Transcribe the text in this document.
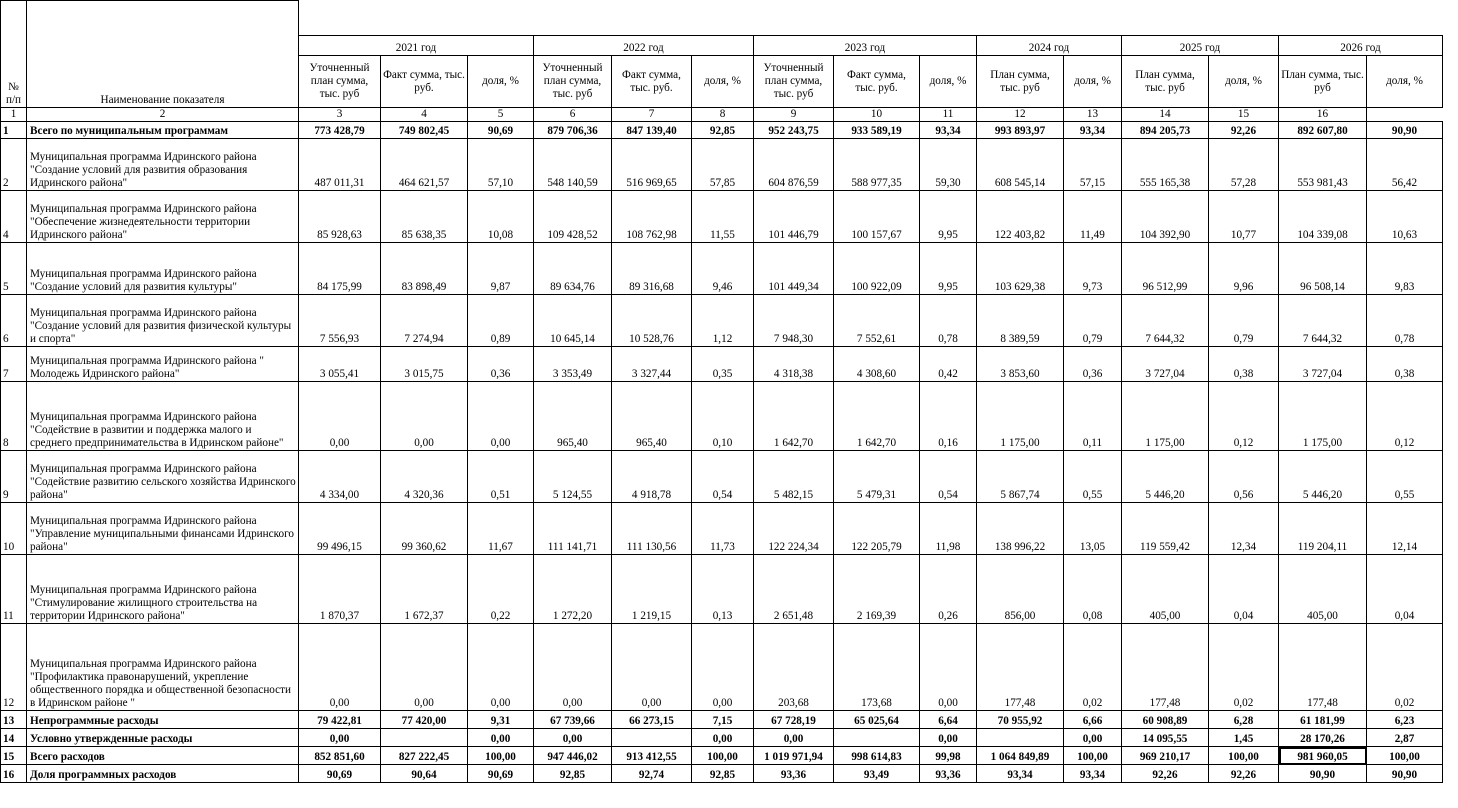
№ п/п	Наименование показателя															
		2021 год			2022 год			2023 год			2024 год		2025 год		2026 год	
		Уточненный план сумма, тыс. руб	Факт сумма, тыс. руб.	доля, %	Уточненный план сумма, тыс. руб	Факт сумма, тыс. руб.	доля, %	Уточненный план сумма, тыс. руб	Факт сумма, тыс. руб.	доля, %	План сумма, тыс. руб	доля, %	План сумма, тыс. руб	доля, %	План сумма, тыс. руб	доля, %
1	2	3	4	5	6	7	8	9	10	11	12	13	14	15	16	
1	Всего по муниципальным программам	773 428,79	749 802,45	90,69	879 706,36	847 139,40	92,85	952 243,75	933 589,19	93,34	993 893,97	93,34	894 205,73	92,26	892 607,80	90,90
2	Муниципальная программа Идринского района "Создание условий для развития образования Идринского района"	487 011,31	464 621,57	57,10	548 140,59	516 969,65	57,85	604 876,59	588 977,35	59,30	608 545,14	57,15	555 165,38	57,28	553 981,43	56,42
4	Муниципальная программа Идринского района "Обеспечение жизнедеятельности территории Идринского района"	85 928,63	85 638,35	10,08	109 428,52	108 762,98	11,55	101 446,79	100 157,67	9,95	122 403,82	11,49	104 392,90	10,77	104 339,08	10,63
5	Муниципальная программа Идринского района "Создание условий для развития культуры"	84 175,99	83 898,49	9,87	89 634,76	89 316,68	9,46	101 449,34	100 922,09	9,95	103 629,38	9,73	96 512,99	9,96	96 508,14	9,83
6	Муниципальная программа Идринского района "Создание условий для развития физической культуры и спорта"	7 556,93	7 274,94	0,89	10 645,14	10 528,76	1,12	7 948,30	7 552,61	0,78	8 389,59	0,79	7 644,32	0,79	7 644,32	0,78
7	Муниципальная программа Идринского района " Молодежь Идринского района"	3 055,41	3 015,75	0,36	3 353,49	3 327,44	0,35	4 318,38	4 308,60	0,42	3 853,60	0,36	3 727,04	0,38	3 727,04	0,38
8	Муниципальная программа Идринского района "Содействие в развитии и поддержка малого и среднего предпринимательства в Идринском районе"	0,00	0,00	0,00	965,40	965,40	0,10	1 642,70	1 642,70	0,16	1 175,00	0,11	1 175,00	0,12	1 175,00	0,12
9	Муниципальная программа Идринского района "Содействие развитию сельского хозяйства Идринского района"	4 334,00	4 320,36	0,51	5 124,55	4 918,78	0,54	5 482,15	5 479,31	0,54	5 867,74	0,55	5 446,20	0,56	5 446,20	0,55
10	Муниципальная программа Идринского района "Управление муниципальными финансами Идринского района"	99 496,15	99 360,62	11,67	111 141,71	111 130,56	11,73	122 224,34	122 205,79	11,98	138 996,22	13,05	119 559,42	12,34	119 204,11	12,14
11	Муниципальная программа Идринского района "Стимулирование жилищного строительства на территории Идринского района"	1 870,37	1 672,37	0,22	1 272,20	1 219,15	0,13	2 651,48	2 169,39	0,26	856,00	0,08	405,00	0,04	405,00	0,04
12	Муниципальная программа Идринского района "Профилактика правонарушений, укрепление общественного порядка и общественной безопасности в Идринском районе "	0,00	0,00	0,00	0,00	0,00	0,00	203,68	173,68	0,00	177,48	0,02	177,48	0,02	177,48	0,02
13	Непрограммные расходы	79 422,81	77 420,00	9,31	67 739,66	66 273,15	7,15	67 728,19	65 025,64	6,64	70 955,92	6,66	60 908,89	6,28	61 181,99	6,23
14	Условно утвержденные расходы	0,00		0,00	0,00		0,00	0,00		0,00		0,00	14 095,55	1,45	28 170,26	2,87
15	Всего расходов	852 851,60	827 222,45	100,00	947 446,02	913 412,55	100,00	1 019 971,94	998 614,83	99,98	1 064 849,89	100,00	969 210,17	100,00	981 960,05	100,00
16	Доля программных расходов	90,69	90,64	90,69	92,85	92,74	92,85	93,36	93,49	93,36	93,34	93,34	92,26	92,26	90,90	90,90
